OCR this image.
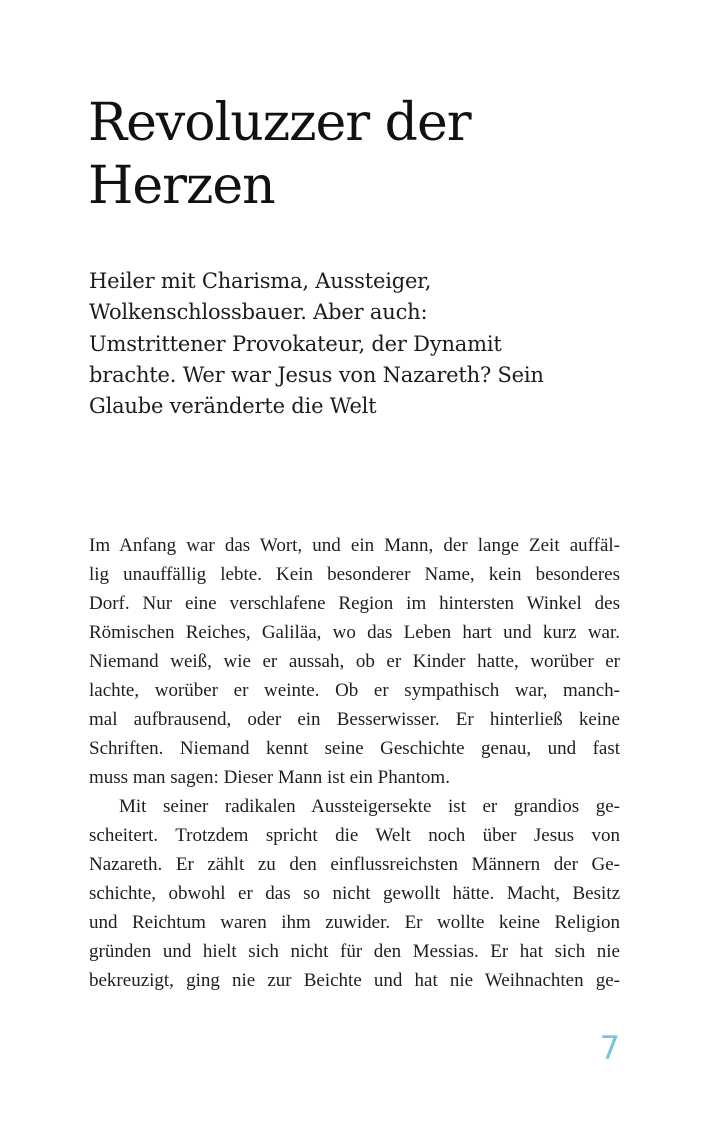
Revoluzzer der
Herzen

Heiler mit Charisma, Aussteiger,
Wolkenschlossbauer. Aber auch:
Umstrittener Provokateur, der Dynamit
brachte. Wer war Jesus von Nazareth? Sein
Glaube veränderte die Welt

Im Anfang war das Wort, und ein Mann, der lange Zeit auffäl-
lig unauffällig lebte. Kein besonderer Name, kein besonderes
Dorf. Nur eine verschlafene Region im hintersten Winkel des
Römischen Reiches, Galiläa, wo das Leben hart und kurz war.
Niemand weiß, wie er aussah, ob er Kinder hatte, worüber er
lachte, worüber er weinte. Ob er sympathisch war, manch-
mal aufbrausend, oder ein Besserwisser. Er hinterließ keine
Schriften. Niemand kennt seine Geschichte genau, und fast
muss man sagen: Dieser Mann ist ein Phantom.
Mit seiner radikalen Aussteigersekte ist er grandios ge-
scheitert. Trotzdem spricht die Welt noch über Jesus von
Nazareth. Er zählt zu den einflussreichsten Männern der Ge-
schichte, obwohl er das so nicht gewollt hätte. Macht, Besitz
und Reichtum waren ihm zuwider. Er wollte keine Religion
gründen und hielt sich nicht für den Messias. Er hat sich nie
bekreuzigt, ging nie zur Beichte und hat nie Weihnachten ge-
7
